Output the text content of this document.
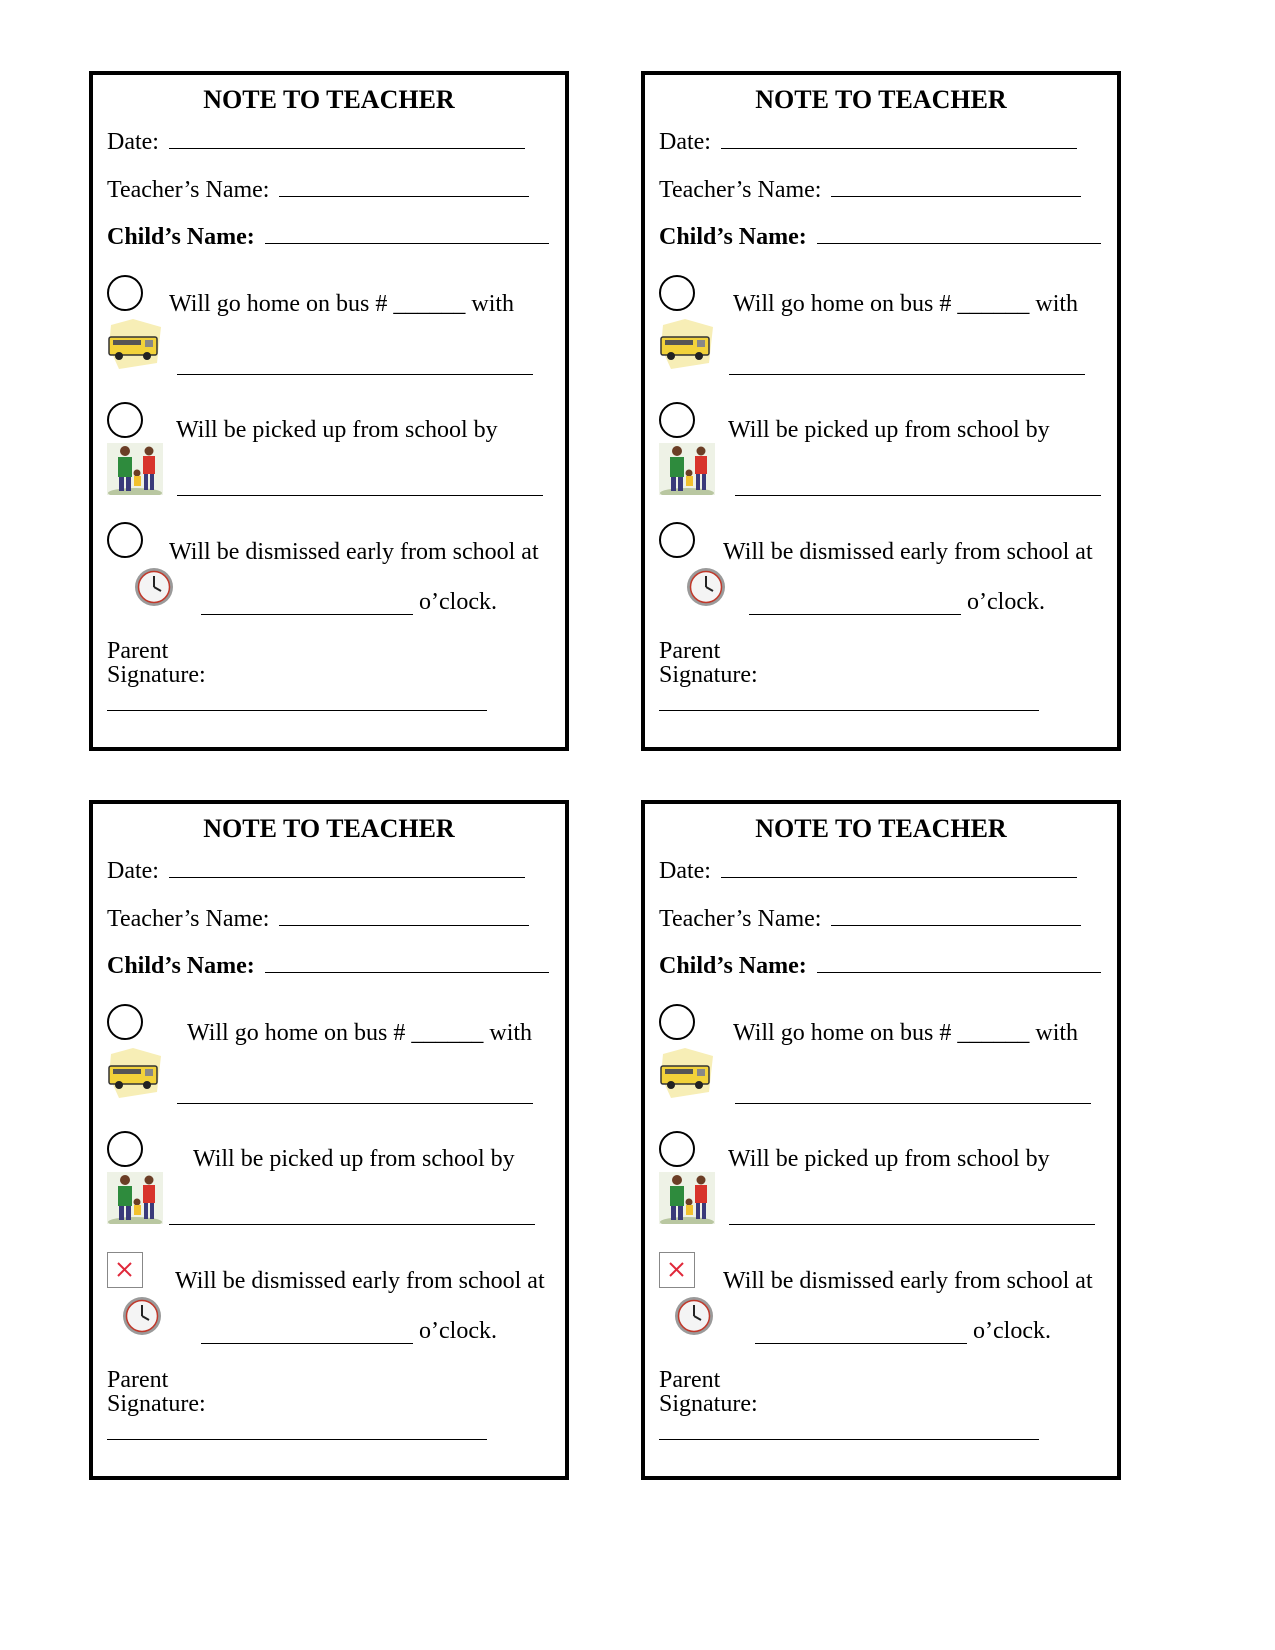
NOTE TO TEACHER
Date:
Teacher’s Name:
Child’s Name:
Will go home on bus # ______ with
Will be picked up from school by
Will be dismissed early from school at
o’clock.
Parent
Signature:
NOTE TO TEACHER
Date:
Teacher’s Name:
Child’s Name:
Will go home on bus # ______ with
Will be picked up from school by
Will be dismissed early from school at
o’clock.
Parent
Signature:
NOTE TO TEACHER
Date:
Teacher’s Name:
Child’s Name:
Will go home on bus # ______ with
Will be picked up from school by
Will be dismissed early from school at
o’clock.
Parent
Signature:
NOTE TO TEACHER
Date:
Teacher’s Name:
Child’s Name:
Will go home on bus # ______ with
Will be picked up from school by
Will be dismissed early from school at
o’clock.
Parent
Signature:
